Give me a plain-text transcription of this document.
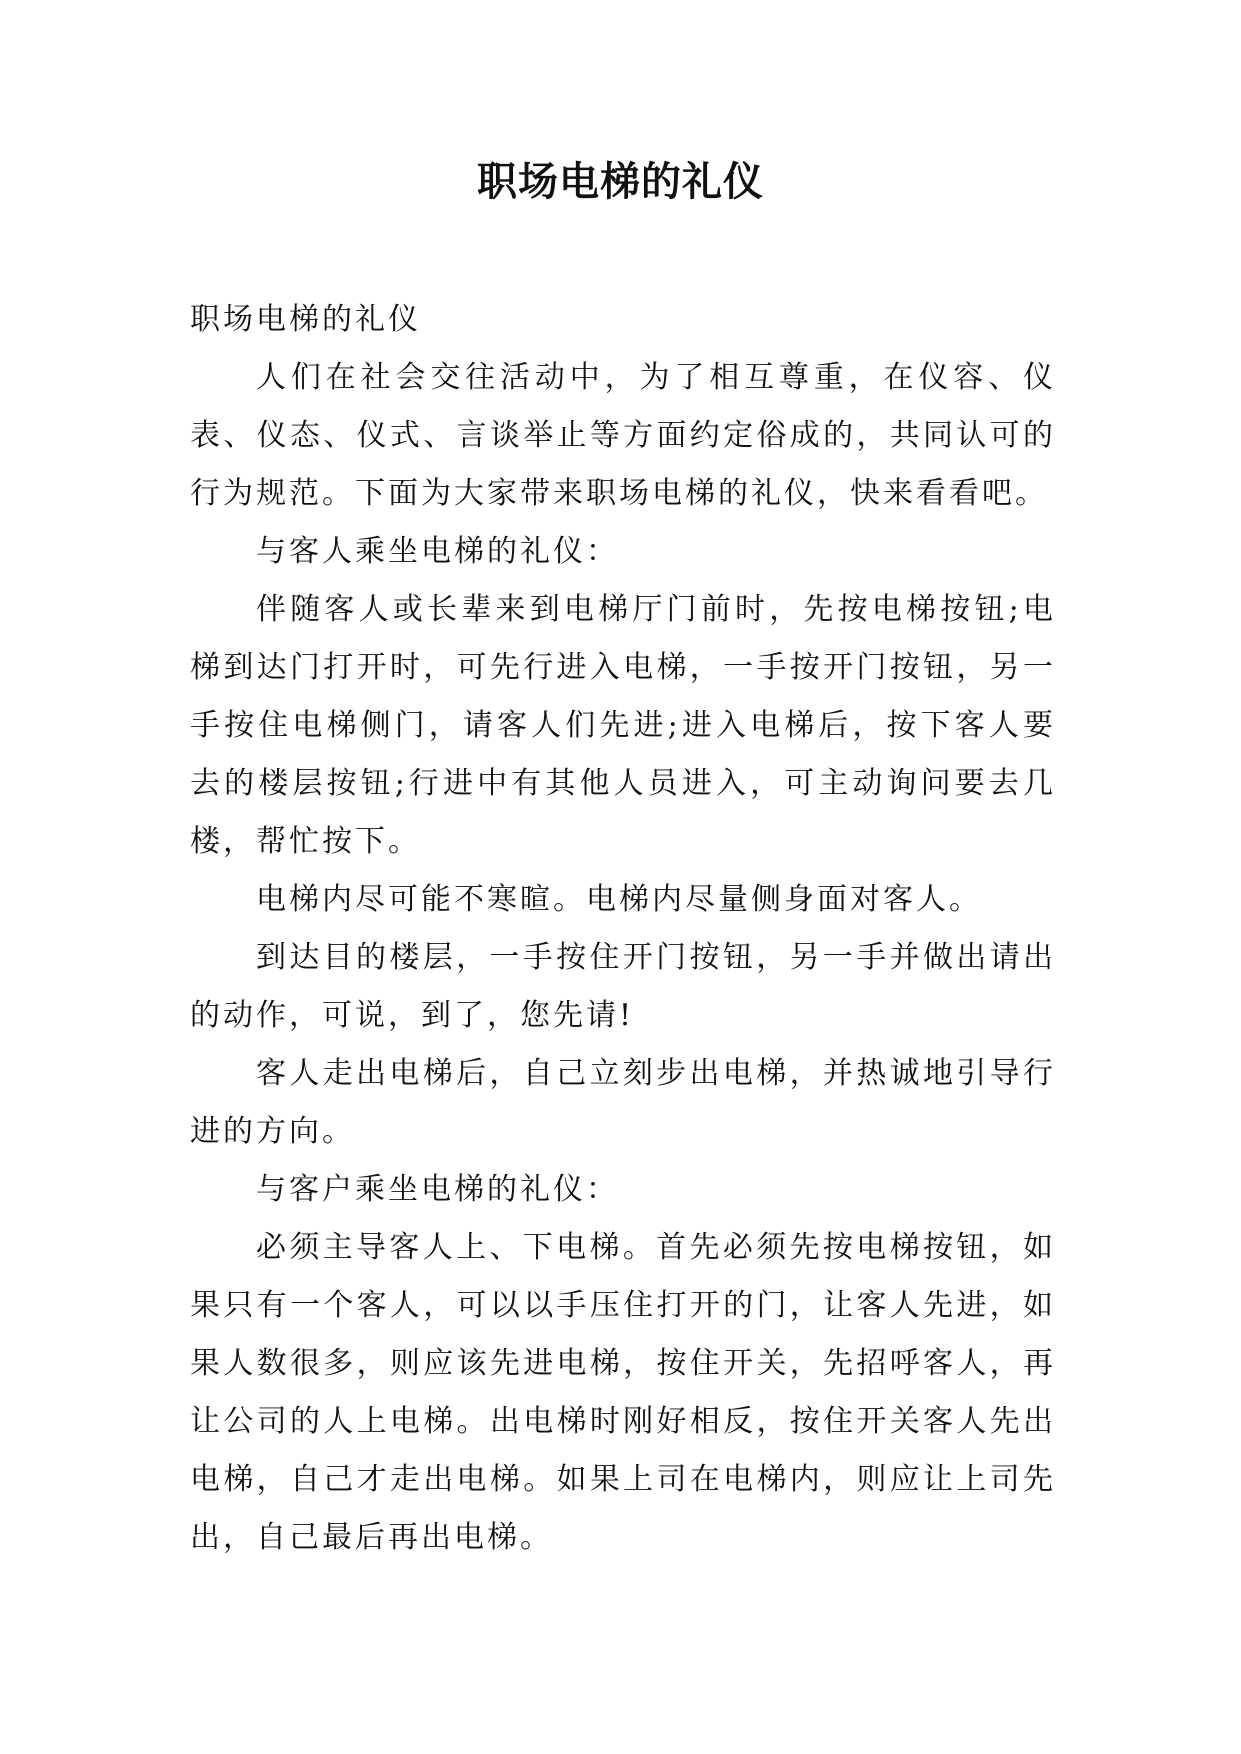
职场电梯的礼仪

职场电梯的礼仪

人们在社会交往活动中，为了相互尊重，在仪容、仪表、仪态、仪式、言谈举止等方面约定俗成的，共同认可的行为规范。下面为大家带来职场电梯的礼仪，快来看看吧。

与客人乘坐电梯的礼仪：

伴随客人或长辈来到电梯厅门前时，先按电梯按钮;电梯到达门打开时，可先行进入电梯，一手按开门按钮，另一手按住电梯侧门，请客人们先进;进入电梯后，按下客人要去的楼层按钮;行进中有其他人员进入，可主动询问要去几楼，帮忙按下。

电梯内尽可能不寒暄。电梯内尽量侧身面对客人。

到达目的楼层，一手按住开门按钮，另一手并做出请出的动作，可说，到了，您先请!

客人走出电梯后，自己立刻步出电梯，并热诚地引导行进的方向。

与客户乘坐电梯的礼仪：

必须主导客人上、下电梯。首先必须先按电梯按钮，如果只有一个客人，可以以手压住打开的门，让客人先进，如果人数很多，则应该先进电梯，按住开关，先招呼客人，再让公司的人上电梯。出电梯时刚好相反，按住开关客人先出电梯，自己才走出电梯。如果上司在电梯内，则应让上司先出，自己最后再出电梯。
